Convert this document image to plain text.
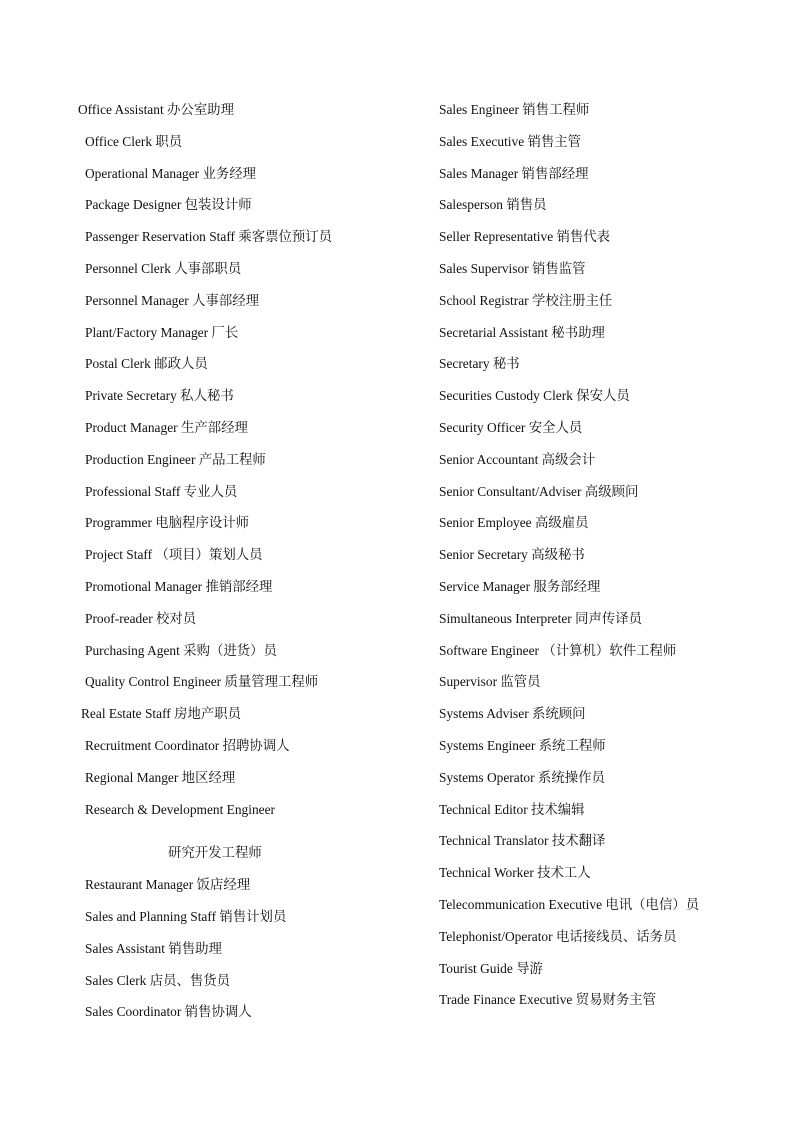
Office Assistant 办公室助理
Office Clerk 职员
Operational Manager 业务经理
Package Designer 包装设计师
Passenger Reservation Staff 乘客票位预订员
Personnel Clerk 人事部职员
Personnel Manager 人事部经理
Plant/Factory Manager 厂长
Postal Clerk 邮政人员
Private Secretary 私人秘书
Product Manager 生产部经理
Production Engineer 产品工程师
Professional Staff 专业人员
Programmer 电脑程序设计师
Project Staff （项目）策划人员
Promotional Manager 推销部经理
Proof-reader 校对员
Purchasing Agent 采购（进货）员
Quality Control Engineer 质量管理工程师
Real Estate Staff 房地产职员
Recruitment Coordinator 招聘协调人
Regional Manger 地区经理
Research & Development Engineer
研究开发工程师
Restaurant Manager 饭店经理
Sales and Planning Staff 销售计划员
Sales Assistant 销售助理
Sales Clerk 店员、售货员
Sales Coordinator 销售协调人
Sales Engineer 销售工程师
Sales Executive 销售主管
Sales Manager 销售部经理
Salesperson 销售员
Seller Representative 销售代表
Sales Supervisor 销售监管
School Registrar 学校注册主任
Secretarial Assistant 秘书助理
Secretary 秘书
Securities Custody Clerk 保安人员
Security Officer 安全人员
Senior Accountant 高级会计
Senior Consultant/Adviser 高级顾问
Senior Employee 高级雇员
Senior Secretary 高级秘书
Service Manager 服务部经理
Simultaneous Interpreter 同声传译员
Software Engineer （计算机）软件工程师
Supervisor 监管员
Systems Adviser 系统顾问
Systems Engineer 系统工程师
Systems Operator 系统操作员
Technical Editor 技术编辑
Technical Translator 技术翻译
Technical Worker 技术工人
Telecommunication Executive 电讯（电信）员
Telephonist/Operator 电话接线员、话务员
Tourist Guide 导游
Trade Finance Executive 贸易财务主管
